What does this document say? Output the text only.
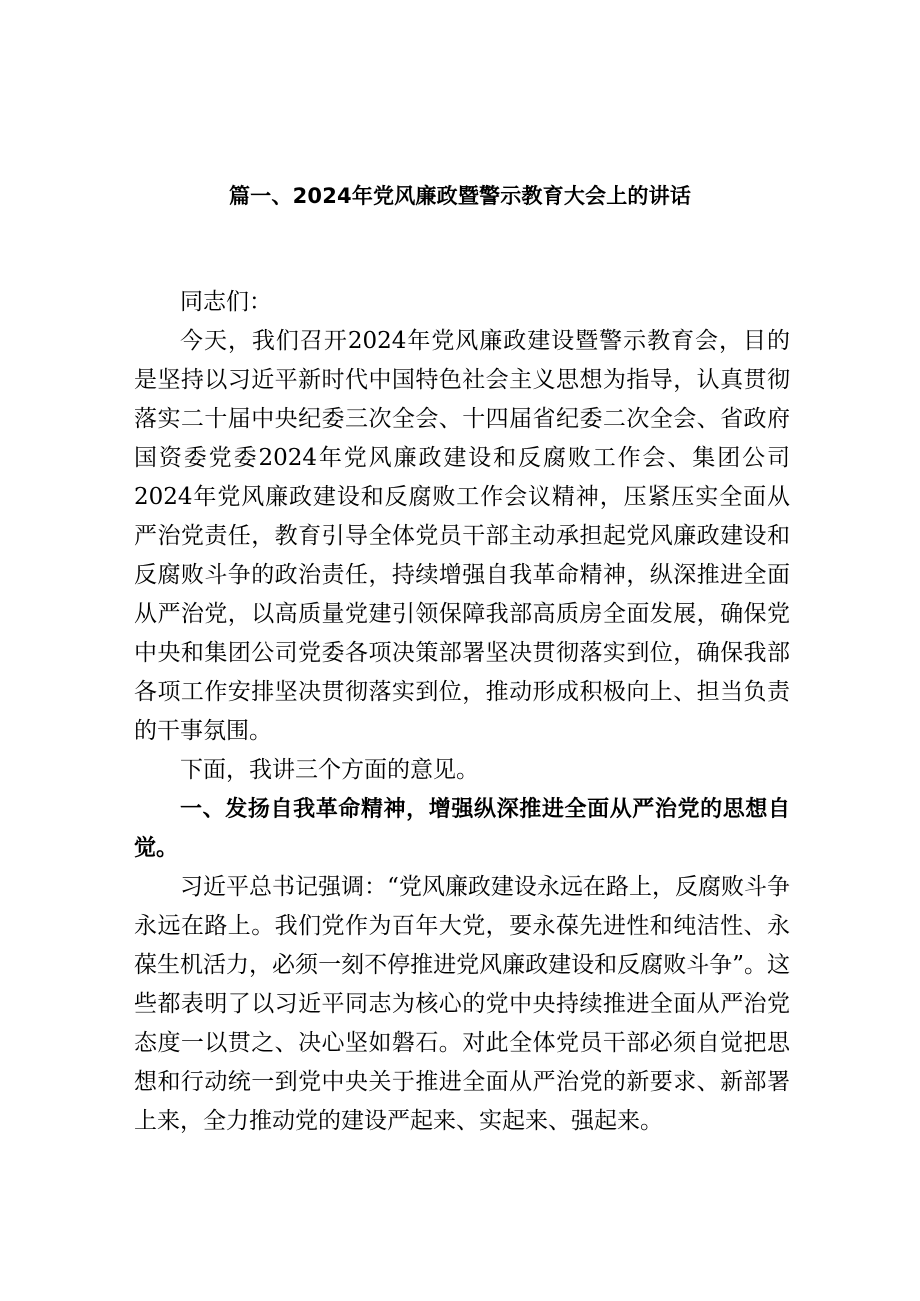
篇一、2024年党风廉政暨警示教育大会上的讲话

同志们：

今天，我们召开2024年党风廉政建设暨警示教育会，目的是坚持以习近平新时代中国特色社会主义思想为指导，认真贯彻落实二十届中央纪委三次全会、十四届省纪委二次全会、省政府国资委党委2024年党风廉政建设和反腐败工作会、集团公司2024年党风廉政建设和反腐败工作会议精神，压紧压实全面从严治党责任，教育引导全体党员干部主动承担起党风廉政建设和反腐败斗争的政治责任，持续增强自我革命精神，纵深推进全面从严治党，以高质量党建引领保障我部高质房全面发展，确保党中央和集团公司党委各项决策部署坚决贯彻落实到位，确保我部各项工作安排坚决贯彻落实到位，推动形成积极向上、担当负责的干事氛围。

下面，我讲三个方面的意见。

一、发扬自我革命精神，增强纵深推进全面从严治党的思想自觉。

习近平总书记强调：“党风廉政建设永远在路上，反腐败斗争永远在路上。我们党作为百年大党，要永葆先进性和纯洁性、永葆生机活力，必须一刻不停推进党风廉政建设和反腐败斗争”。这些都表明了以习近平同志为核心的党中央持续推进全面从严治党态度一以贯之、决心坚如磐石。对此全体党员干部必须自觉把思想和行动统一到党中央关于推进全面从严治党的新要求、新部署上来，全力推动党的建设严起来、实起来、强起来。
